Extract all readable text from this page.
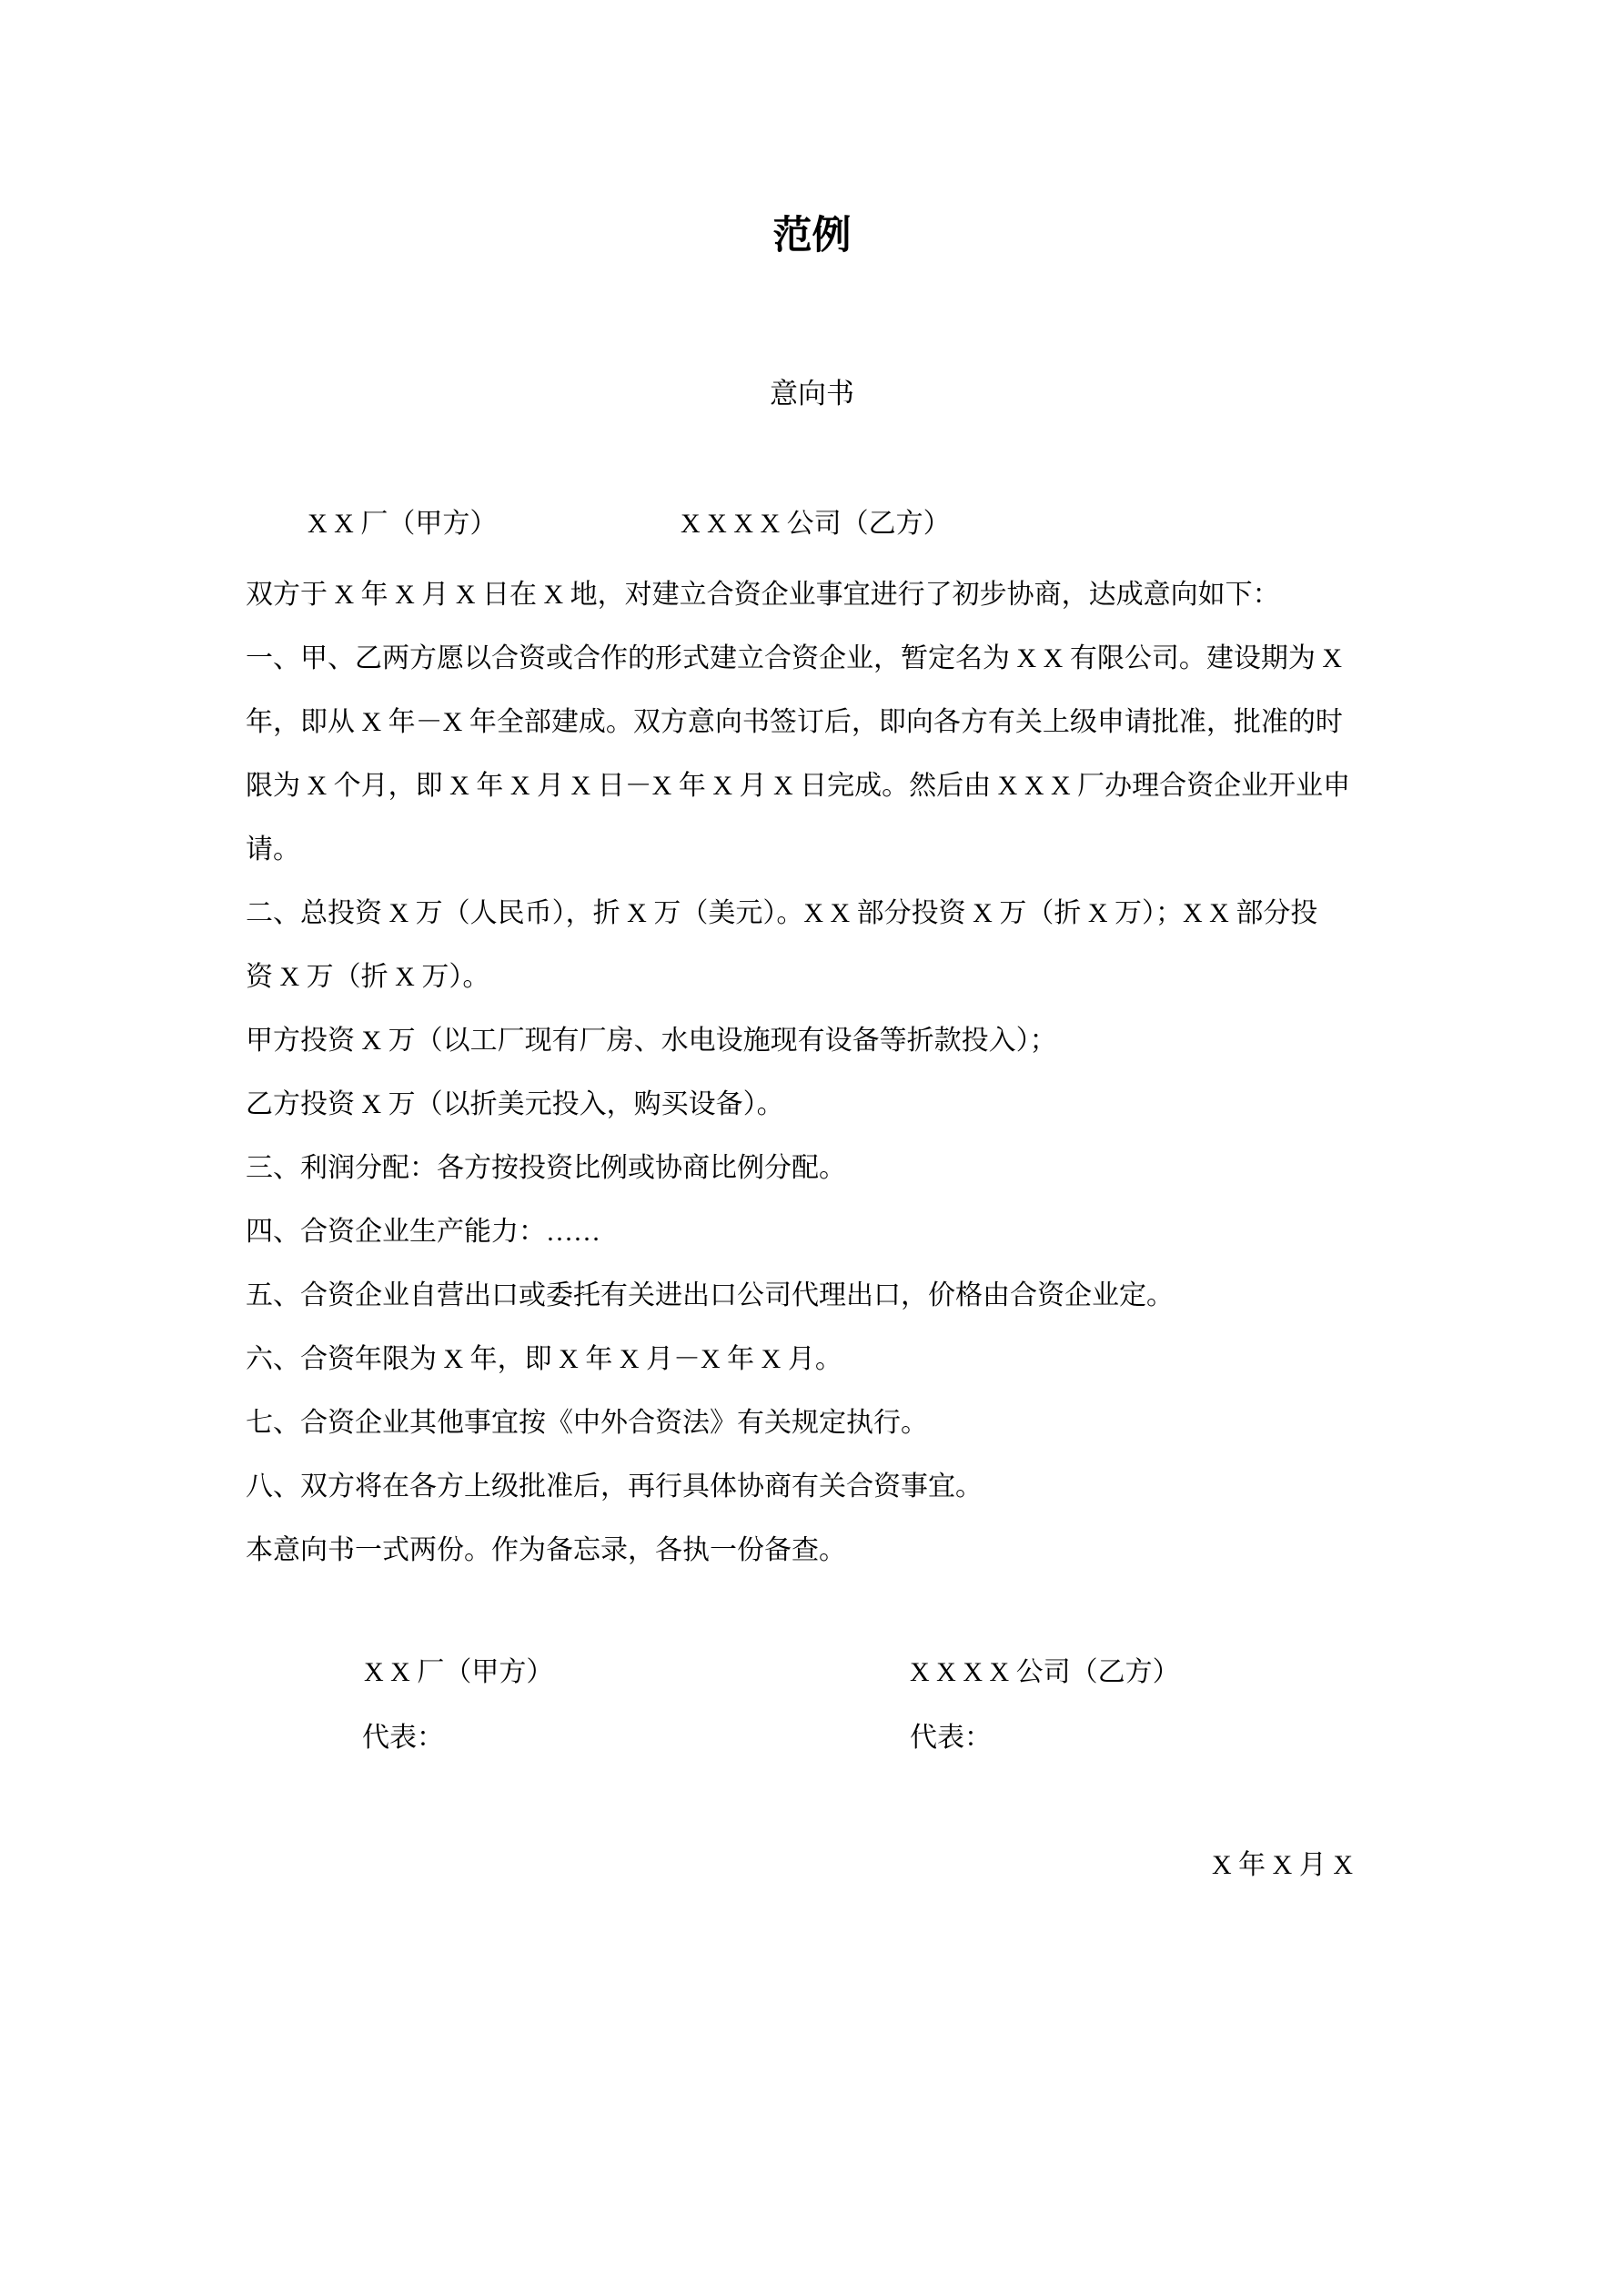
范例
意向书
X X 厂（甲方）	X X X X 公司（乙方）
双方于 X 年 X 月 X 日在 X 地，对建立合资企业事宜进行了初步协商，达成意向如下：
一、甲、乙两方愿以合资或合作的形式建立合资企业，暂定名为 X X 有限公司。建设期为 X
年，即从 X 年－X 年全部建成。双方意向书签订后，即向各方有关上级申请批准，批准的时
限为 X 个月，即 X 年 X 月 X 日－X 年 X 月 X 日完成。然后由 X X X 厂办理合资企业开业申
请。
二、总投资 X 万（人民币），折 X 万（美元）。X X 部分投资 X 万（折 X 万）；X X 部分投
资 X 万（折 X 万）。
甲方投资 X 万（以工厂现有厂房、水电设施现有设备等折款投入）；
乙方投资 X 万（以折美元投入，购买设备）。
三、利润分配：各方按投资比例或协商比例分配。
四、合资企业生产能力：……
五、合资企业自营出口或委托有关进出口公司代理出口，价格由合资企业定。
六、合资年限为 X 年，即 X 年 X 月－X 年 X 月。
七、合资企业其他事宜按《中外合资法》有关规定执行。
八、双方将在各方上级批准后，再行具体协商有关合资事宜。
本意向书一式两份。作为备忘录，各执一份备查。
X X 厂（甲方）	X X X X 公司（乙方）
代表：	代表：
X 年 X 月 X
